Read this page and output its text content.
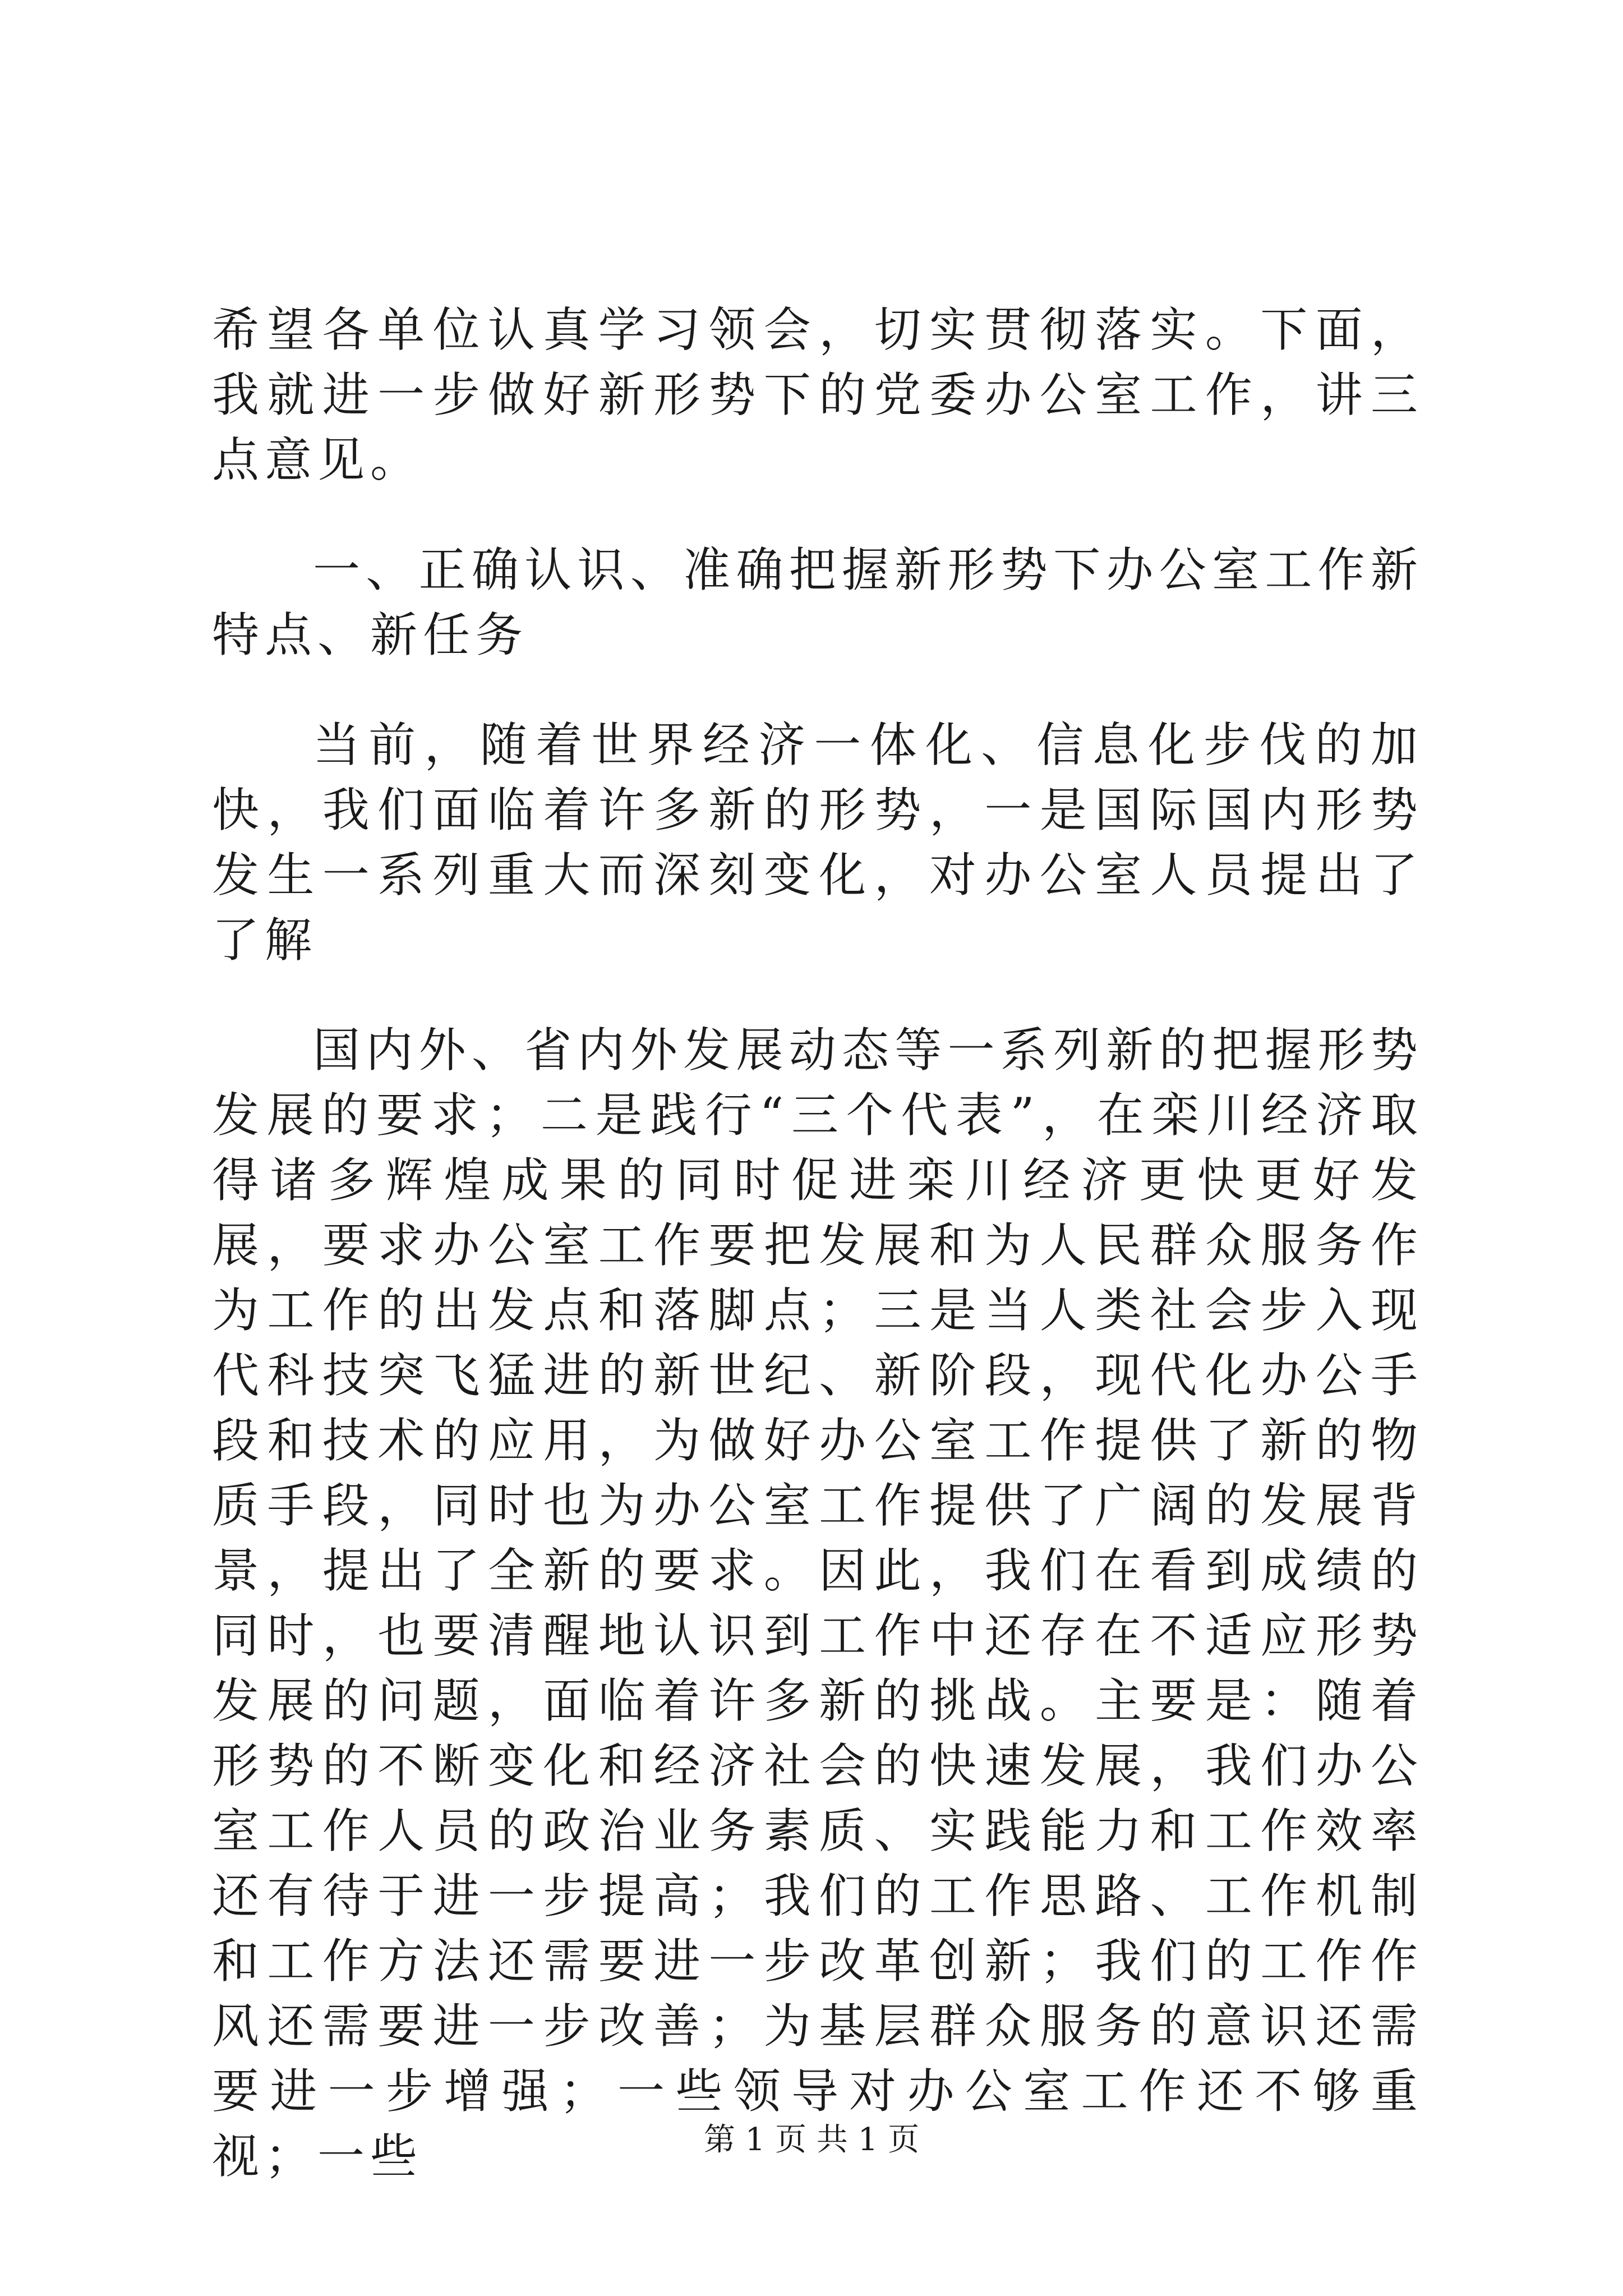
希望各单位认真学习领会，切实贯彻落实。下面，我就进一步做好新形势下的党委办公室工作，讲三点意见。

一、正确认识、准确把握新形势下办公室工作新特点、新任务

当前，随着世界经济一体化、信息化步伐的加快，我们面临着许多新的形势，一是国际国内形势发生一系列重大而深刻变化，对办公室人员提出了了解

国内外、省内外发展动态等一系列新的把握形势发展的要求；二是践行“三个代表”，在栾川经济取得诸多辉煌成果的同时促进栾川经济更快更好发展，要求办公室工作要把发展和为人民群众服务作为工作的出发点和落脚点；三是当人类社会步入现代科技突飞猛进的新世纪、新阶段，现代化办公手段和技术的应用，为做好办公室工作提供了新的物质手段，同时也为办公室工作提供了广阔的发展背景，提出了全新的要求。因此，我们在看到成绩的同时，也要清醒地认识到工作中还存在不适应形势发展的问题，面临着许多新的挑战。主要是：随着形势的不断变化和经济社会的快速发展，我们办公室工作人员的政治业务素质、实践能力和工作效率还有待于进一步提高；我们的工作思路、工作机制和工作方法还需要进一步改革创新；我们的工作作风还需要进一步改善；为基层群众服务的意识还需要进一步增强；一些领导对办公室工作还不够重视；一些	第 1 页 共 1 页
